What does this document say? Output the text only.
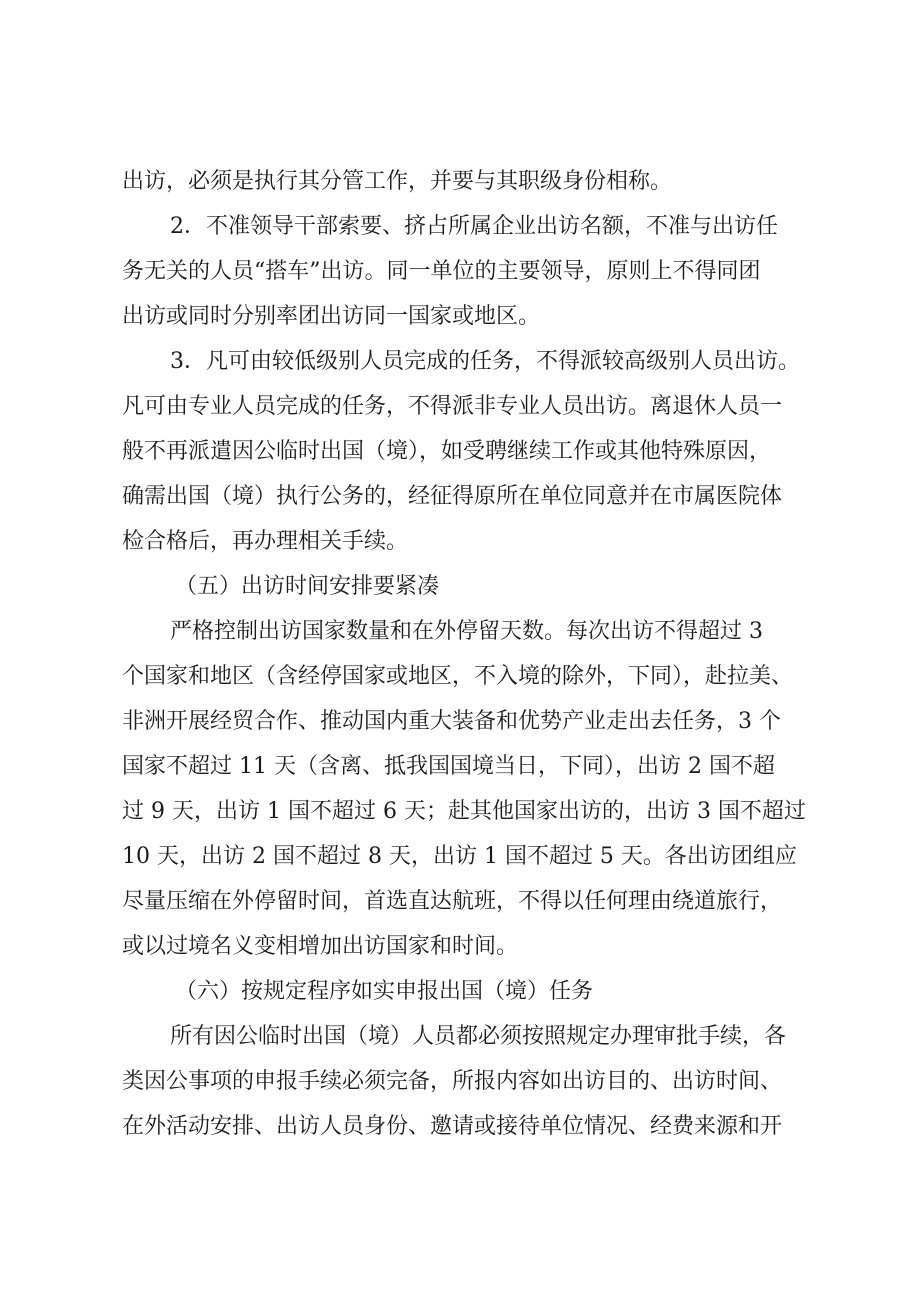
出访，必须是执行其分管工作，并要与其职级身份相称。
2．不准领导干部索要、挤占所属企业出访名额，不准与出访任
务无关的人员“搭车”出访。同一单位的主要领导，原则上不得同团
出访或同时分别率团出访同一国家或地区。
3．凡可由较低级别人员完成的任务，不得派较高级别人员出访。
凡可由专业人员完成的任务，不得派非专业人员出访。离退休人员一
般不再派遣因公临时出国（境），如受聘继续工作或其他特殊原因，
确需出国（境）执行公务的，经征得原所在单位同意并在市属医院体
检合格后，再办理相关手续。
（五）出访时间安排要紧凑
严格控制出访国家数量和在外停留天数。每次出访不得超过 3
个国家和地区（含经停国家或地区，不入境的除外，下同），赴拉美、
非洲开展经贸合作、推动国内重大装备和优势产业走出去任务，3 个
国家不超过 11 天（含离、抵我国国境当日，下同），出访 2 国不超
过 9 天，出访 1 国不超过 6 天；赴其他国家出访的，出访 3 国不超过
10 天，出访 2 国不超过 8 天，出访 1 国不超过 5 天。各出访团组应
尽量压缩在外停留时间，首选直达航班，不得以任何理由绕道旅行，
或以过境名义变相增加出访国家和时间。
（六）按规定程序如实申报出国（境）任务
所有因公临时出国（境）人员都必须按照规定办理审批手续，各
类因公事项的申报手续必须完备，所报内容如出访目的、出访时间、
在外活动安排、出访人员身份、邀请或接待单位情况、经费来源和开
